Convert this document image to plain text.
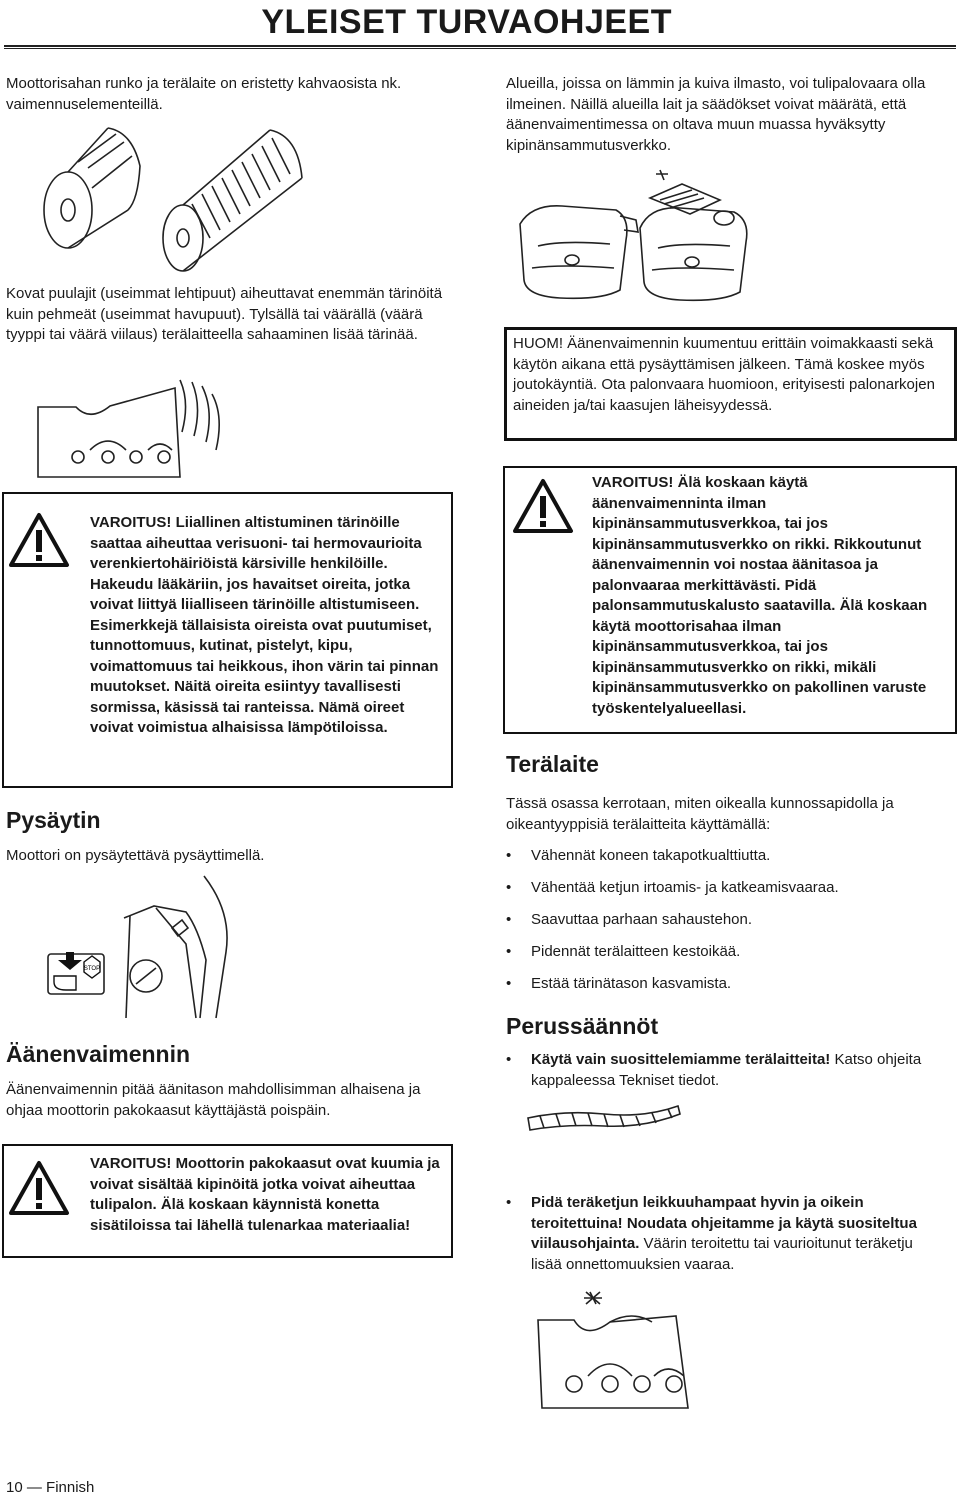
YLEISET TURVAOHJEET

Moottorisahan runko ja terälaite on eristetty kahvaosista nk. vaimennuselementeillä.

Kovat puulajit (useimmat lehtipuut) aiheuttavat enemmän tärinöitä kuin pehmeät (useimmat havupuut). Tylsällä tai väärällä (väärä tyyppi tai väärä viilaus) terälaitteella sahaaminen lisää tärinää.

VAROITUS! Liiallinen altistuminen tärinöille saattaa aiheuttaa verisuoni- tai hermovaurioita verenkiertohäiriöistä kärsiville henkilöille. Hakeudu lääkäriin, jos havaitset oireita, jotka voivat liittyä liialliseen tärinöille altistumiseen. Esimerkkejä tällaisista oireista ovat puutumiset, tunnottomuus, kutinat, pistelyt, kipu, voimattomuus tai heikkous, ihon värin tai pinnan muutokset. Näitä oireita esiintyy tavallisesti sormissa, käsissä tai ranteissa. Nämä oireet voivat voimistua alhaisissa lämpötiloissa.

Pysäytin

Moottori on pysäytettävä pysäyttimellä.

STOP
Äänenvaimennin

Äänenvaimennin pitää äänitason mahdollisimman alhaisena ja ohjaa moottorin pakokaasut käyttäjästä poispäin.

VAROITUS! Moottorin pakokaasut ovat kuumia ja voivat sisältää kipinöitä jotka voivat aiheuttaa tulipalon. Älä koskaan käynnistä konetta sisätiloissa tai lähellä tulenarkaa materiaalia!

Alueilla, joissa on lämmin ja kuiva ilmasto, voi tulipalovaara olla ilmeinen. Näillä alueilla lait ja säädökset voivat määrätä, että äänenvaimentimessa on oltava muun muassa hyväksytty kipinänsammutusverkko.

HUOM! Äänenvaimennin kuumentuu erittäin voimakkaasti sekä käytön aikana että pysäyttämisen jälkeen. Tämä koskee myös joutokäyntiä. Ota palonvaara huomioon, erityisesti palonarkojen aineiden ja/tai kaasujen läheisyydessä.

VAROITUS! Älä koskaan käytä äänenvaimenninta ilman kipinänsammutusverkkoa, tai jos kipinänsammutusverkko on rikki. Rikkoutunut äänenvaimennin voi nostaa äänitasoa ja palonvaaraa merkittävästi. Pidä palonsammutuskalusto saatavilla. Älä koskaan käytä moottorisahaa ilman kipinänsammutusverkkoa, tai jos kipinänsammutusverkko on rikki, mikäli kipinänsammutusverkko on pakollinen varuste työskentelyalueellasi.

Terälaite

Tässä osassa kerrotaan, miten oikealla kunnossapidolla ja oikeantyyppisiä terälaitteita käyttämällä:

• Vähennät koneen takapotkualttiutta.
• Vähentää ketjun irtoamis- ja katkeamisvaaraa.
• Saavuttaa parhaan sahaustehon.
• Pidennät terälaitteen kestoikää.
• Estää tärinätason kasvamista.
Perussäännöt
• Käytä vain suosittelemiamme terälaitteita! Katso ohjeita kappaleessa Tekniset tiedot.
• Pidä teräketjun leikkuuhampaat hyvin ja oikein teroitettuina! Noudata ohjeitamme ja käytä suositeltua viilausohjainta. Väärin teroitettu tai vaurioitunut teräketju lisää onnettomuuksien vaaraa.
10 — Finnish
